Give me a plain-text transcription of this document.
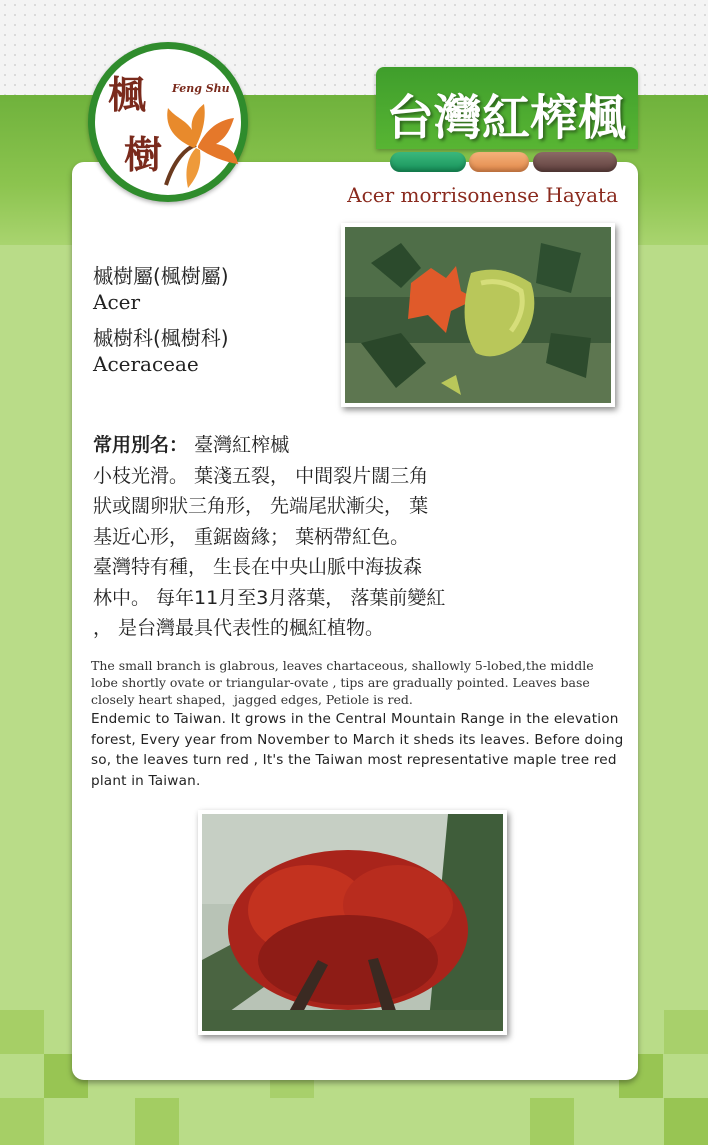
台灣紅榨楓
Acer morrisonense Hayata
楓
樹
Feng Shu
槭樹屬(楓樹屬)
Acer
槭樹科(楓樹科)
Aceraceae
常用別名： 臺灣紅榨槭
小枝光滑。 葉淺五裂， 中間裂片闊三角
狀或闊卵狀三角形， 先端尾狀漸尖， 葉
基近心形， 重鋸齒緣； 葉柄帶紅色。
臺灣特有種， 生長在中央山脈中海拔森
林中。 每年11月至3月落葉， 落葉前變紅
， 是台灣最具代表性的楓紅植物。
The small branch is glabrous, leaves chartaceous, shallowly 5-lobed,the middle lobe shortly ovate or triangular-ovate , tips are gradually pointed. Leaves base closely heart shaped，jagged edges, Petiole is red.
Endemic to Taiwan. It grows in the Central Mountain Range in the elevation forest, Every year from November to March it sheds its leaves. Before doing so, the leaves turn red , It's the Taiwan most representative maple tree red plant in Taiwan.
